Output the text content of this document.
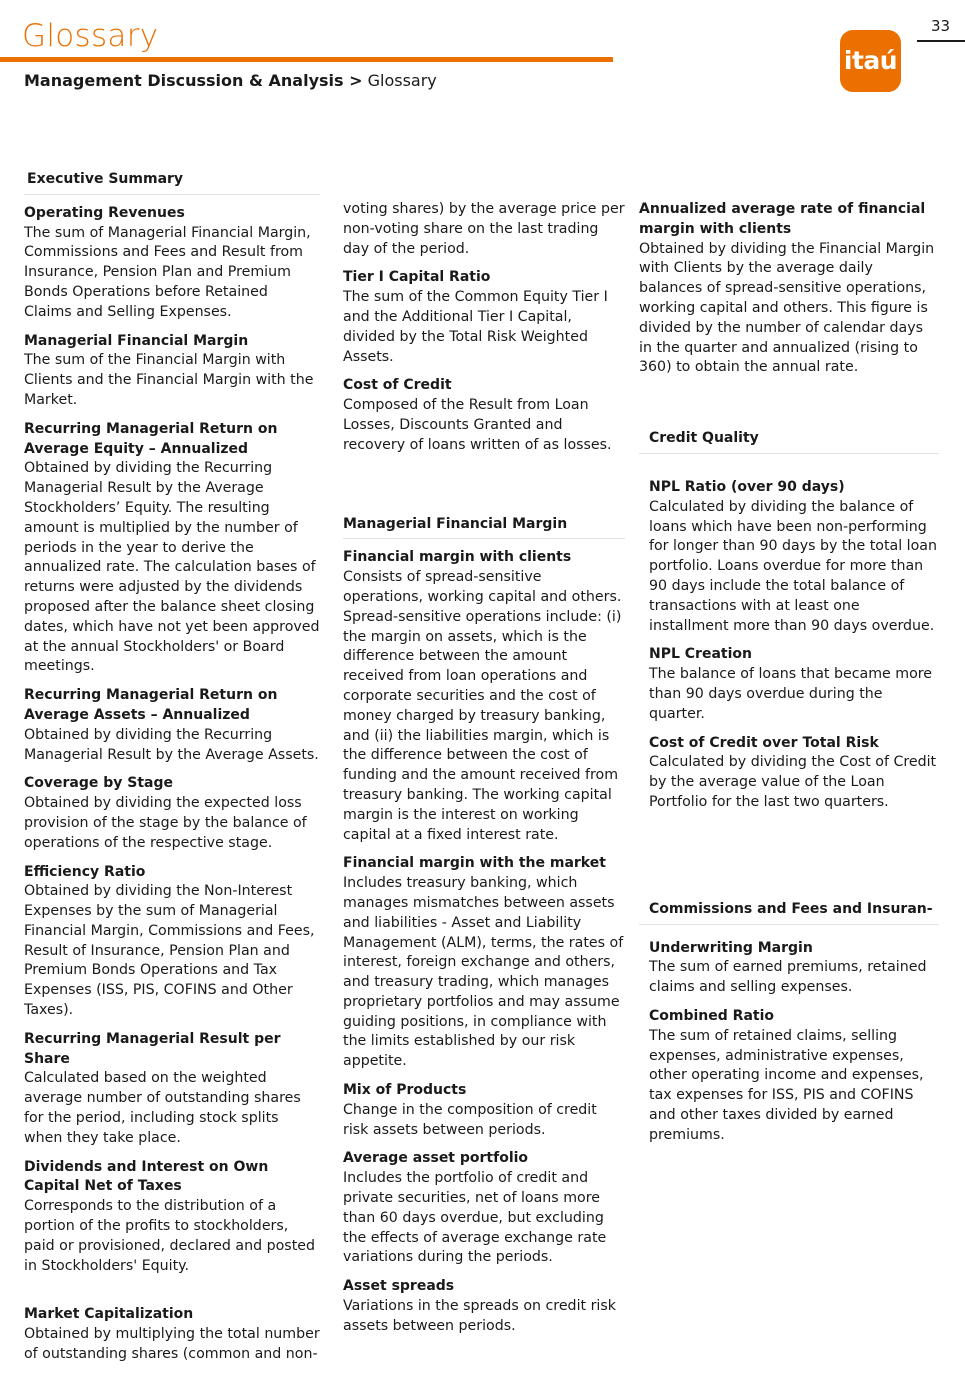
Glossary
Management Discussion & Analysis > Glossary
33
itaú
Executive Summary
Operating Revenues
The sum of Managerial Financial Margin, Commissions and Fees and Result from Insurance, Pension Plan and Premium Bonds Operations before Retained Claims and Selling Expenses.
Managerial Financial Margin
The sum of the Financial Margin with Clients and the Financial Margin with the Market.
Recurring Managerial Return on Average Equity – Annualized
Obtained by dividing the Recurring Managerial Result by the Average Stockholders’ Equity. The resulting amount is multiplied by the number of periods in the year to derive the annualized rate. The calculation bases of returns were adjusted by the dividends proposed after the balance sheet closing dates, which have not yet been approved at the annual Stockholders' or Board meetings.
Recurring Managerial Return on Average Assets – Annualized
Obtained by dividing the Recurring Managerial Result by the Average Assets.
Coverage by Stage
Obtained by dividing the expected loss provision of the stage by the balance of operations of the respective stage.
Efficiency Ratio
Obtained by dividing the Non-Interest Expenses by the sum of Managerial Financial Margin, Commissions and Fees, Result of Insurance, Pension Plan and Premium Bonds Operations and Tax Expenses (ISS, PIS, COFINS and Other Taxes).
Recurring Managerial Result per Share
Calculated based on the weighted average number of outstanding shares for the period, including stock splits when they take place.
Dividends and Interest on Own Capital Net of Taxes
Corresponds to the distribution of a portion of the profits to stockholders, paid or provisioned, declared and posted in Stockholders' Equity.
Market Capitalization
Obtained by multiplying the total number of outstanding shares (common and non-
voting shares) by the average price per non-voting share on the last trading day of the period.
Tier I Capital Ratio
The sum of the Common Equity Tier I and the Additional Tier I Capital, divided by the Total Risk Weighted Assets.
Cost of Credit
Composed of the Result from Loan Losses, Discounts Granted and recovery of loans written of as losses.
Managerial Financial Margin
Financial margin with clients
Consists of spread-sensitive operations, working capital and others. Spread-sensitive operations include: (i) the margin on assets, which is the difference between the amount received from loan operations and corporate securities and the cost of money charged by treasury banking, and (ii) the liabilities margin, which is the difference between the cost of funding and the amount received from treasury banking. The working capital margin is the interest on working capital at a fixed interest rate.
Financial margin with the market
Includes treasury banking, which manages mismatches between assets and liabilities - Asset and Liability Management (ALM), terms, the rates of interest, foreign exchange and others, and treasury trading, which manages proprietary portfolios and may assume guiding positions, in compliance with the limits established by our risk appetite.
Mix of Products
Change in the composition of credit risk assets between periods.
Average asset portfolio
Includes the portfolio of credit and private securities, net of loans more than 60 days overdue, but excluding the effects of average exchange rate variations during the periods.
Asset spreads
Variations in the spreads on credit risk assets between periods.
Annualized average rate of financial margin with clients
Obtained by dividing the Financial Margin with Clients by the average daily balances of spread-sensitive operations, working capital and others. This figure is divided by the number of calendar days in the quarter and annualized (rising to 360) to obtain the annual rate.
Credit Quality
NPL Ratio (over 90 days)
Calculated by dividing the balance of loans which have been non-performing for longer than 90 days by the total loan portfolio. Loans overdue for more than 90 days include the total balance of transactions with at least one installment more than 90 days overdue.
NPL Creation
The balance of loans that became more than 90 days overdue during the quarter.
Cost of Credit over Total Risk
Calculated by dividing the Cost of Credit by the average value of the Loan Portfolio for the last two quarters.
Commissions and Fees and Insuran-
Underwriting Margin
The sum of earned premiums, retained claims and selling expenses.
Combined Ratio
The sum of retained claims, selling expenses, administrative expenses, other operating income and expenses, tax expenses for ISS, PIS and COFINS and other taxes divided by earned premiums.
